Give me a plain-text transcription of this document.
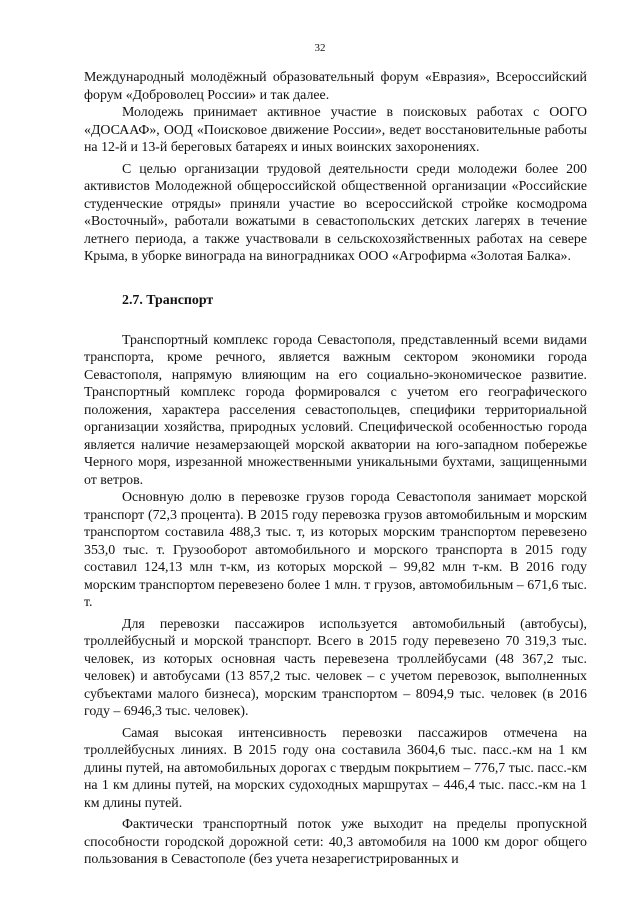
32

Международный молодёжный образовательный форум «Евразия», Всероссийский форум «Доброволец России» и так далее.

Молодежь принимает активное участие в поисковых работах с ООГО «ДОСААФ», ООД «Поисковое движение России», ведет восстановительные работы на 12-й и 13-й береговых батареях и иных воинских захоронениях.

С целью организации трудовой деятельности среди молодежи более 200 активистов Молодежной общероссийской общественной организации «Российские студенческие отряды» приняли участие во всероссийской стройке космодрома «Восточный», работали вожатыми в севастопольских детских лагерях в течение летнего периода, а также участвовали в сельскохозяйственных работах на севере Крыма, в уборке винограда на виноградниках ООО «Агрофирма «Золотая Балка».

2.7. Транспорт

Транспортный комплекс города Севастополя, представленный всеми видами транспорта, кроме речного, является важным сектором экономики города Севастополя, напрямую влияющим на его социально-экономическое развитие. Транспортный комплекс города формировался с учетом его географического положения, характера расселения севастопольцев, специфики территориальной организации хозяйства, природных условий. Специфической особенностью города является наличие незамерзающей морской акватории на юго-западном побережье Черного моря, изрезанной множественными уникальными бухтами, защищенными от ветров.

Основную долю в перевозке грузов города Севастополя занимает морской транспорт (72,3 процента). В 2015 году перевозка грузов автомобильным и морским транспортом составила 488,3 тыс. т, из которых морским транспортом перевезено 353,0 тыс. т. Грузооборот автомобильного и морского транспорта в 2015 году составил 124,13 млн т-км, из которых морской – 99,82 млн т-км. В 2016 году морским транспортом перевезено более 1 млн. т грузов, автомобильным – 671,6 тыс. т.

Для перевозки пассажиров используется автомобильный (автобусы), троллейбусный и морской транспорт. Всего в 2015 году перевезено 70 319,3 тыс. человек, из которых основная часть перевезена троллейбусами (48 367,2 тыс. человек) и автобусами (13 857,2 тыс. человек – с учетом перевозок, выполненных субъектами малого бизнеса), морским транспортом – 8094,9 тыс. человек (в 2016 году – 6946,3 тыс. человек).

Самая высокая интенсивность перевозки пассажиров отмечена на троллейбусных линиях. В 2015 году она составила 3604,6 тыс. пасс.-км на 1 км длины путей, на автомобильных дорогах с твердым покрытием – 776,7 тыс. пасс.-км на 1 км длины путей, на морских судоходных маршрутах – 446,4 тыс. пасс.-км на 1 км длины путей.

Фактически транспортный поток уже выходит на пределы пропускной способности городской дорожной сети: 40,3 автомобиля на 1000 км дорог общего пользования в Севастополе (без учета незарегистрированных и
